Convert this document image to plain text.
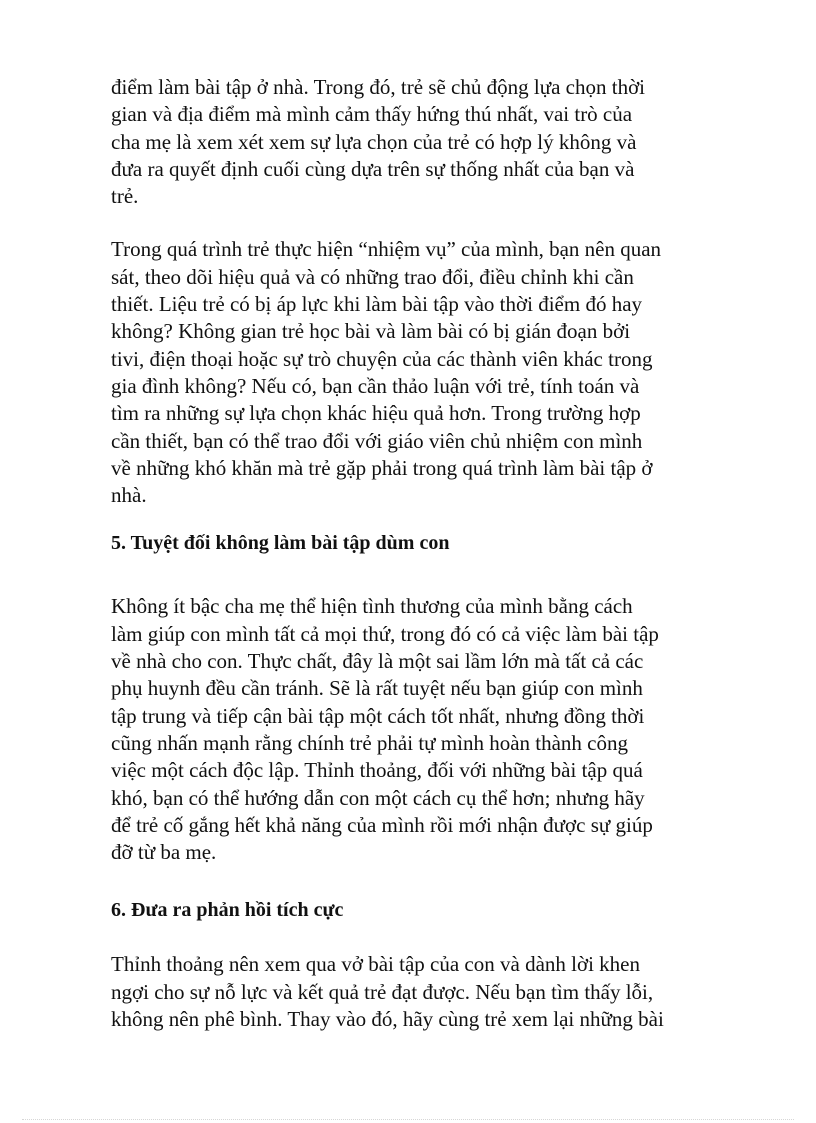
điểm làm bài tập ở nhà. Trong đó, trẻ sẽ chủ động lựa chọn thời
gian và địa điểm mà mình cảm thấy hứng thú nhất, vai trò của
cha mẹ là xem xét xem sự lựa chọn của trẻ có hợp lý không và
đưa ra quyết định cuối cùng dựa trên sự thống nhất của bạn và
trẻ.

Trong quá trình trẻ thực hiện “nhiệm vụ” của mình, bạn nên quan
sát, theo dõi hiệu quả và có những trao đổi, điều chỉnh khi cần
thiết. Liệu trẻ có bị áp lực khi làm bài tập vào thời điểm đó hay
không? Không gian trẻ học bài và làm bài có bị gián đoạn bởi
tivi, điện thoại hoặc sự trò chuyện của các thành viên khác trong
gia đình không? Nếu có, bạn cần thảo luận với trẻ, tính toán và
tìm ra những sự lựa chọn khác hiệu quả hơn. Trong trường hợp
cần thiết, bạn có thể trao đổi với giáo viên chủ nhiệm con mình
về những khó khăn mà trẻ gặp phải trong quá trình làm bài tập ở
nhà.

5. Tuyệt đối không làm bài tập dùm con

Không ít bậc cha mẹ thể hiện tình thương của mình bằng cách
làm giúp con mình tất cả mọi thứ, trong đó có cả việc làm bài tập
về nhà cho con. Thực chất, đây là một sai lầm lớn mà tất cả các
phụ huynh đều cần tránh. Sẽ là rất tuyệt nếu bạn giúp con mình
tập trung và tiếp cận bài tập một cách tốt nhất, nhưng đồng thời
cũng nhấn mạnh rằng chính trẻ phải tự mình hoàn thành công
việc một cách độc lập. Thỉnh thoảng, đối với những bài tập quá
khó, bạn có thể hướng dẫn con một cách cụ thể hơn; nhưng hãy
để trẻ cố gắng hết khả năng của mình rồi mới nhận được sự giúp
đỡ từ ba mẹ.

6. Đưa ra phản hồi tích cực

Thỉnh thoảng nên xem qua vở bài tập của con và dành lời khen
ngợi cho sự nỗ lực và kết quả trẻ đạt được. Nếu bạn tìm thấy lỗi,
không nên phê bình. Thay vào đó, hãy cùng trẻ xem lại những bài
